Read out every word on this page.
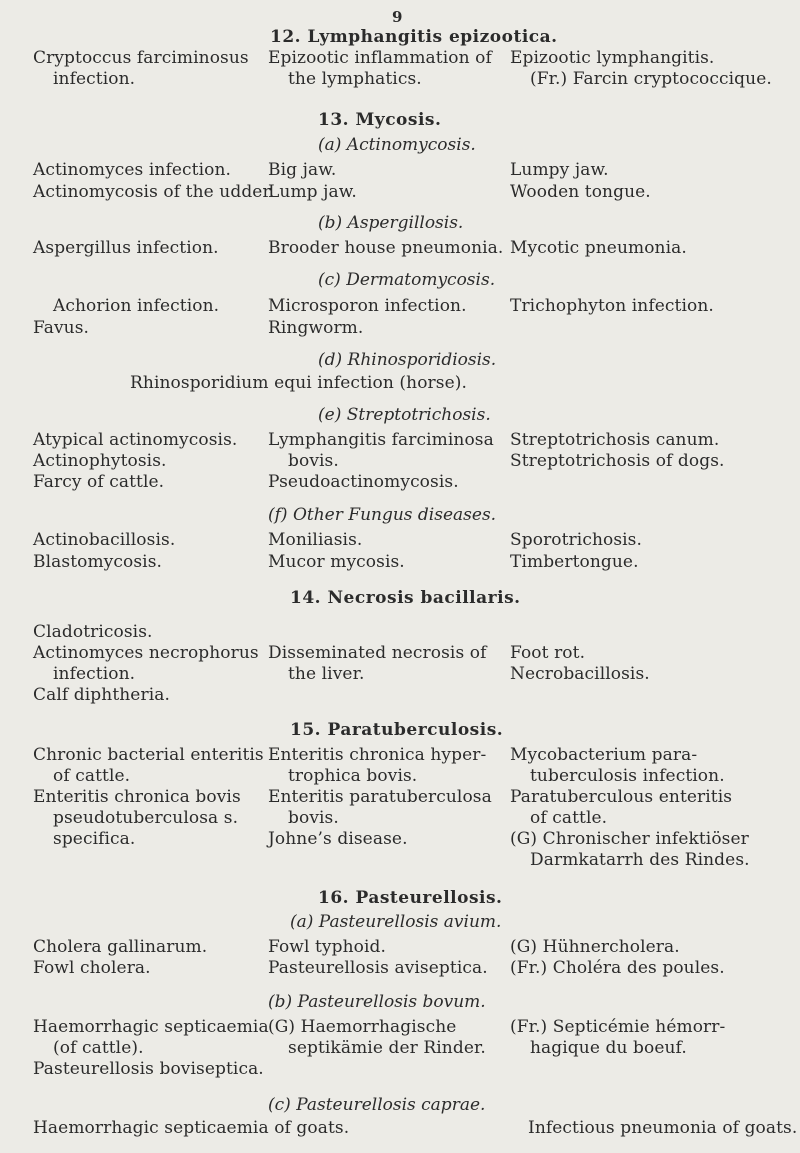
9
12. Lymphangitis epizootica.
Cryptoccus farciminosus
infection.
Epizootic inflammation of
the lymphatics.
Epizootic lymphangitis.
(Fr.) Farcin cryptococcique.
13. Mycosis.
(a) Actinomycosis.
Actinomyces infection.
Actinomycosis of the udder.
Big jaw.
Lump jaw.
Lumpy jaw.
Wooden tongue.
(b) Aspergillosis.
Aspergillus infection.	Brooder house pneumonia. Mycotic pneumonia.
(c) Dermatomycosis.
Achorion infection.
Favus.
Microsporon infection.
Ringworm.
Trichophyton infection.
(d) Rhinosporidiosis.
Rhinosporidium equi infection (horse).
(e) Streptotrichosis.
Atypical actinomycosis.
Actinophytosis.
Farcy of cattle.
Lymphangitis farciminosa
bovis.
Pseudoactinomycosis.
Streptotrichosis canum.
Streptotrichosis of dogs.
(f) Other Fungus diseases.
Actinobacillosis.
Blastomycosis.
Moniliasis.
Mucor mycosis.
Sporotrichosis.
Timbertongue.
14. Necrosis bacillaris.
Cladotricosis.
Actinomyces necrophorus
infection.
Calf diphtheria.
Disseminated necrosis of
the liver.
Foot rot.
Necrobacillosis.
15. Paratuberculosis.
Chronic bacterial enteritis
of cattle.
Enteritis chronica bovis
pseudotuberculosa s.
specifica.
Enteritis chronica hyper-
trophica bovis.
Enteritis paratuberculosa
bovis.
Johne’s disease.
Mycobacterium para-
tuberculosis infection.
Paratuberculous enteritis
of cattle.
(G) Chronischer infektiöser
Darmkatarrh des Rindes.
16. Pasteurellosis.
(a) Pasteurellosis avium.
Cholera gallinarum.
Fowl cholera.
Fowl typhoid.
Pasteurellosis aviseptica.
(G) Hühnercholera.
(Fr.) Choléra des poules.
(b) Pasteurellosis bovum.
Haemorrhagic septicaemia
(of cattle).
Pasteurellosis boviseptica.
(G) Haemorrhagische
septikämie der Rinder.
(Fr.) Septicémie hémorr-
hagique du boeuf.
(c) Pasteurellosis caprae.
Haemorrhagic septicaemia of goats.	Infectious pneumonia of goats.
